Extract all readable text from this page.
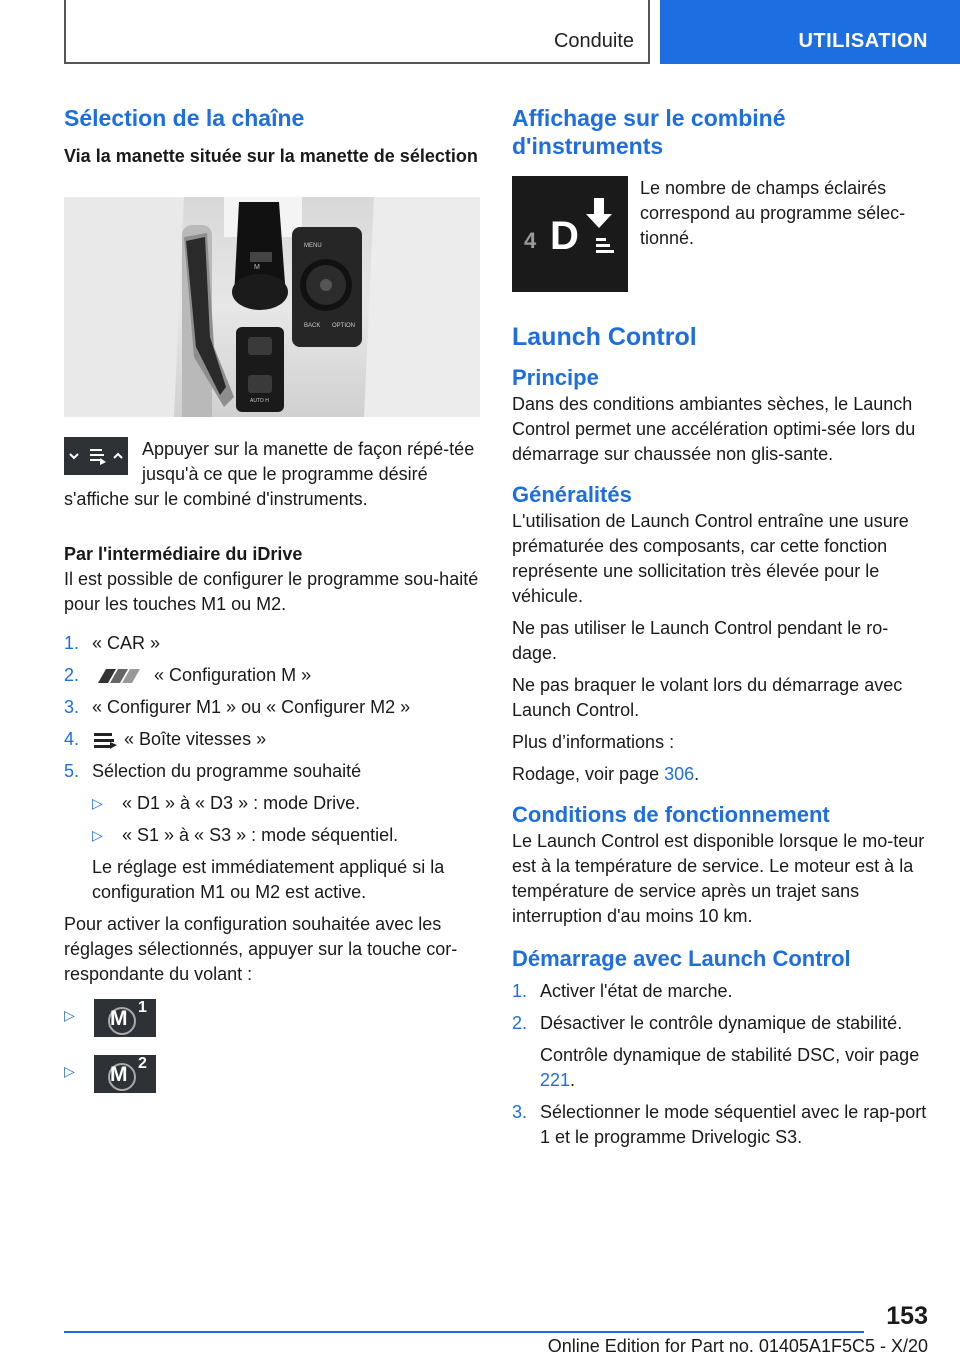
Conduite	UTILISATION
Sélection de la chaîne
Via la manette située sur la manette de sélection
MENU
BACK OPTION
M
AUTO H

Appuyer sur la manette de façon répé-tée jusqu'à ce que le programme désiré s'affiche sur le combiné d'instruments.

Par l'intermédiaire du iDrive

Il est possible de configurer le programme sou-haité pour les touches M1 ou M2.

1. « CAR »
2.	« Configuration M »
3. « Configurer M1 » ou « Configurer M2 »
4. « Boîte vitesses »
5. Sélection du programme souhaité
▷ « D1 » à « D3 » : mode Drive.
▷ « S1 » à « S3 » : mode séquentiel.

Le réglage est immédiatement appliqué si la configuration M1 ou M2 est active.

Pour activer la configuration souhaitée avec les réglages sélectionnés, appuyer sur la touche cor-respondante du volant :

▷ M 1
▷ M 2
Affichage sur le combiné d'instruments
4 D

Le nombre de champs éclairés correspond au programme sélec-tionné.

Launch Control
Principe

Dans des conditions ambiantes sèches, le Launch Control permet une accélération optimi-sée lors du démarrage sur chaussée non glis-sante.

Généralités

L'utilisation de Launch Control entraîne une usure prématurée des composants, car cette fonction représente une sollicitation très élevée pour le véhicule.

Ne pas utiliser le Launch Control pendant le ro-dage.

Ne pas braquer le volant lors du démarrage avec Launch Control.

Plus d’informations :

Rodage, voir page 306.

Conditions de fonctionnement

Le Launch Control est disponible lorsque le mo-teur est à la température de service. Le moteur est à la température de service après un trajet sans interruption d'au moins 10 km.

Démarrage avec Launch Control
1. Activer l'état de marche.
2. Désactiver le contrôle dynamique de stabilité.

Contrôle dynamique de stabilité DSC, voir page 221.

3. Sélectionner le mode séquentiel avec le rap-port 1 et le programme Drivelogic S3.
153
Online Edition for Part no. 01405A1F5C5 - X/20
